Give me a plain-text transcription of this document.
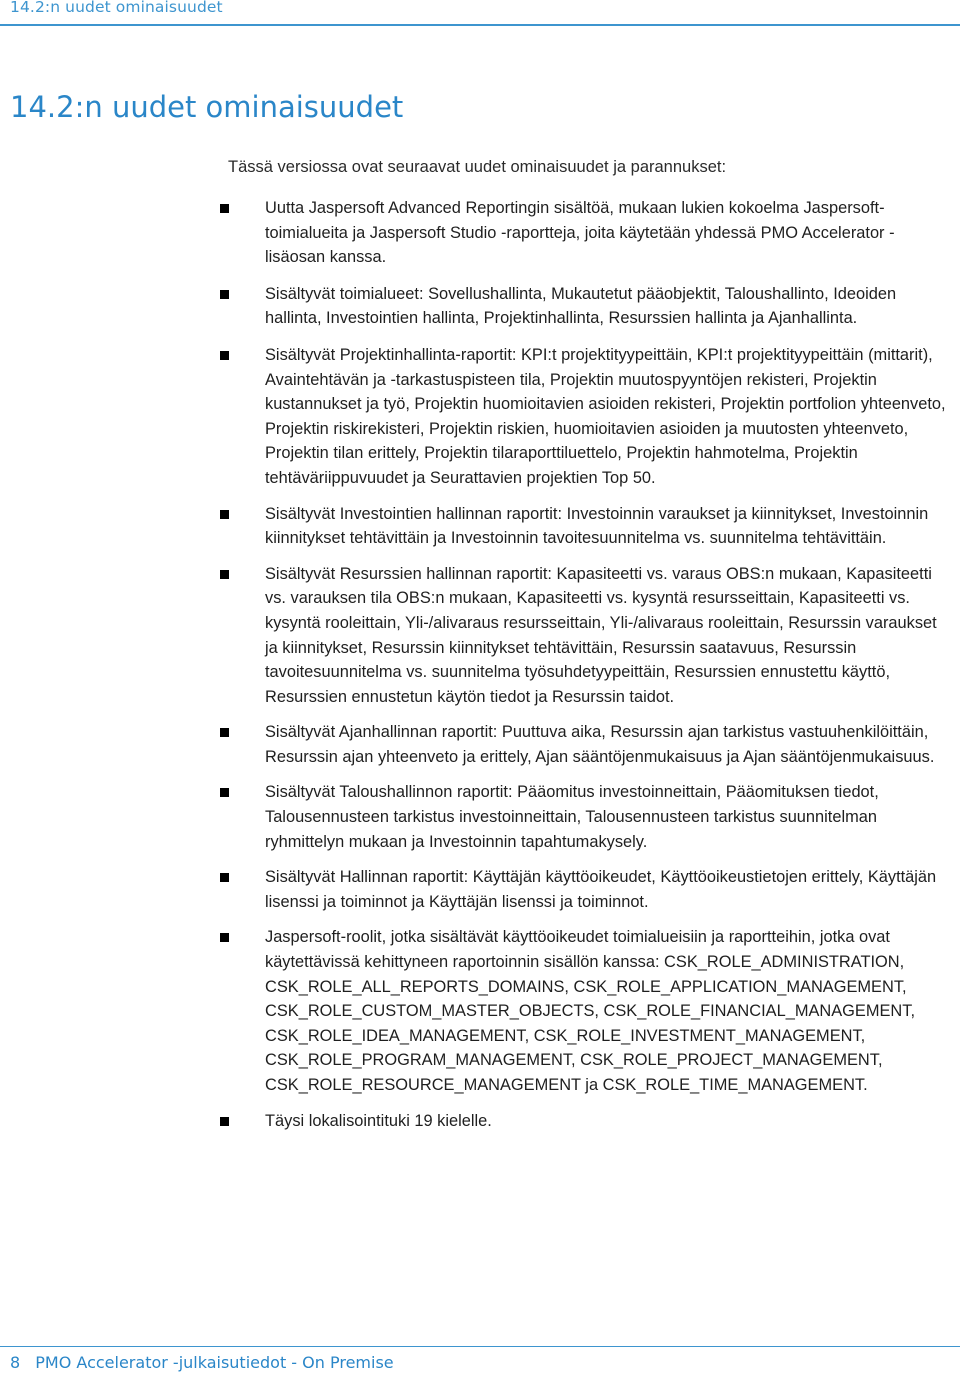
14.2:n uudet ominaisuudet
14.2:n uudet ominaisuudet

Tässä versiossa ovat seuraavat uudet ominaisuudet ja parannukset:

Uutta Jaspersoft Advanced Reportingin sisältöä, mukaan lukien kokoelma Jaspersoft-toimialueita ja Jaspersoft Studio -raportteja, joita käytetään yhdessä PMO Accelerator -lisäosan kanssa.
Sisältyvät toimialueet: Sovellushallinta, Mukautetut pääobjektit, Taloushallinto, Ideoiden hallinta, Investointien hallinta, Projektinhallinta, Resurssien hallinta ja Ajanhallinta.
Sisältyvät Projektinhallinta-raportit: KPI:t projektityypeittäin, KPI:t projektityypeittäin (mittarit), Avaintehtävän ja -tarkastuspisteen tila, Projektin muutospyyntöjen rekisteri, Projektin kustannukset ja työ, Projektin huomioitavien asioiden rekisteri, Projektin portfolion yhteenveto, Projektin riskirekisteri, Projektin riskien, huomioitavien asioiden ja muutosten yhteenveto, Projektin tilan erittely, Projektin tilaraporttiluettelo, Projektin hahmotelma, Projektin tehtäväriippuvuudet ja Seurattavien projektien Top 50.
Sisältyvät Investointien hallinnan raportit: Investoinnin varaukset ja kiinnitykset, Investoinnin kiinnitykset tehtävittäin ja Investoinnin tavoitesuunnitelma vs. suunnitelma tehtävittäin.
Sisältyvät Resurssien hallinnan raportit: Kapasiteetti vs. varaus OBS:n mukaan, Kapasiteetti vs. varauksen tila OBS:n mukaan, Kapasiteetti vs. kysyntä resursseittain, Kapasiteetti vs. kysyntä rooleittain, Yli-/alivaraus resursseittain, Yli-/alivaraus rooleittain, Resurssin varaukset ja kiinnitykset, Resurssin kiinnitykset tehtävittäin, Resurssin saatavuus, Resurssin tavoitesuunnitelma vs. suunnitelma työsuhdetyypeittäin, Resurssien ennustettu käyttö, Resurssien ennustetun käytön tiedot ja Resurssin taidot.
Sisältyvät Ajanhallinnan raportit: Puuttuva aika, Resurssin ajan tarkistus vastuuhenkilöittäin, Resurssin ajan yhteenveto ja erittely, Ajan sääntöjenmukaisuus ja Ajan sääntöjenmukaisuus.
Sisältyvät Taloushallinnon raportit: Pääomitus investoinneittain, Pääomituksen tiedot, Talousennusteen tarkistus investoinneittain, Talousennusteen tarkistus suunnitelman ryhmittelyn mukaan ja Investoinnin tapahtumakysely.
Sisältyvät Hallinnan raportit: Käyttäjän käyttöoikeudet, Käyttöoikeustietojen erittely, Käyttäjän lisenssi ja toiminnot ja Käyttäjän lisenssi ja toiminnot.
Jaspersoft-roolit, jotka sisältävät käyttöoikeudet toimialueisiin ja raportteihin, jotka ovat käytettävissä kehittyneen raportoinnin sisällön kanssa: CSK_ROLE_ADMINISTRATION, CSK_ROLE_ALL_REPORTS_DOMAINS, CSK_ROLE_APPLICATION_MANAGEMENT, CSK_ROLE_CUSTOM_MASTER_OBJECTS, CSK_ROLE_FINANCIAL_MANAGEMENT, CSK_ROLE_IDEA_MANAGEMENT, CSK_ROLE_INVESTMENT_MANAGEMENT, CSK_ROLE_PROGRAM_MANAGEMENT, CSK_ROLE_PROJECT_MANAGEMENT, CSK_ROLE_RESOURCE_MANAGEMENT ja CSK_ROLE_TIME_MANAGEMENT.
Täysi lokalisointituki 19 kielelle.
8 PMO Accelerator -julkaisutiedot - On Premise
